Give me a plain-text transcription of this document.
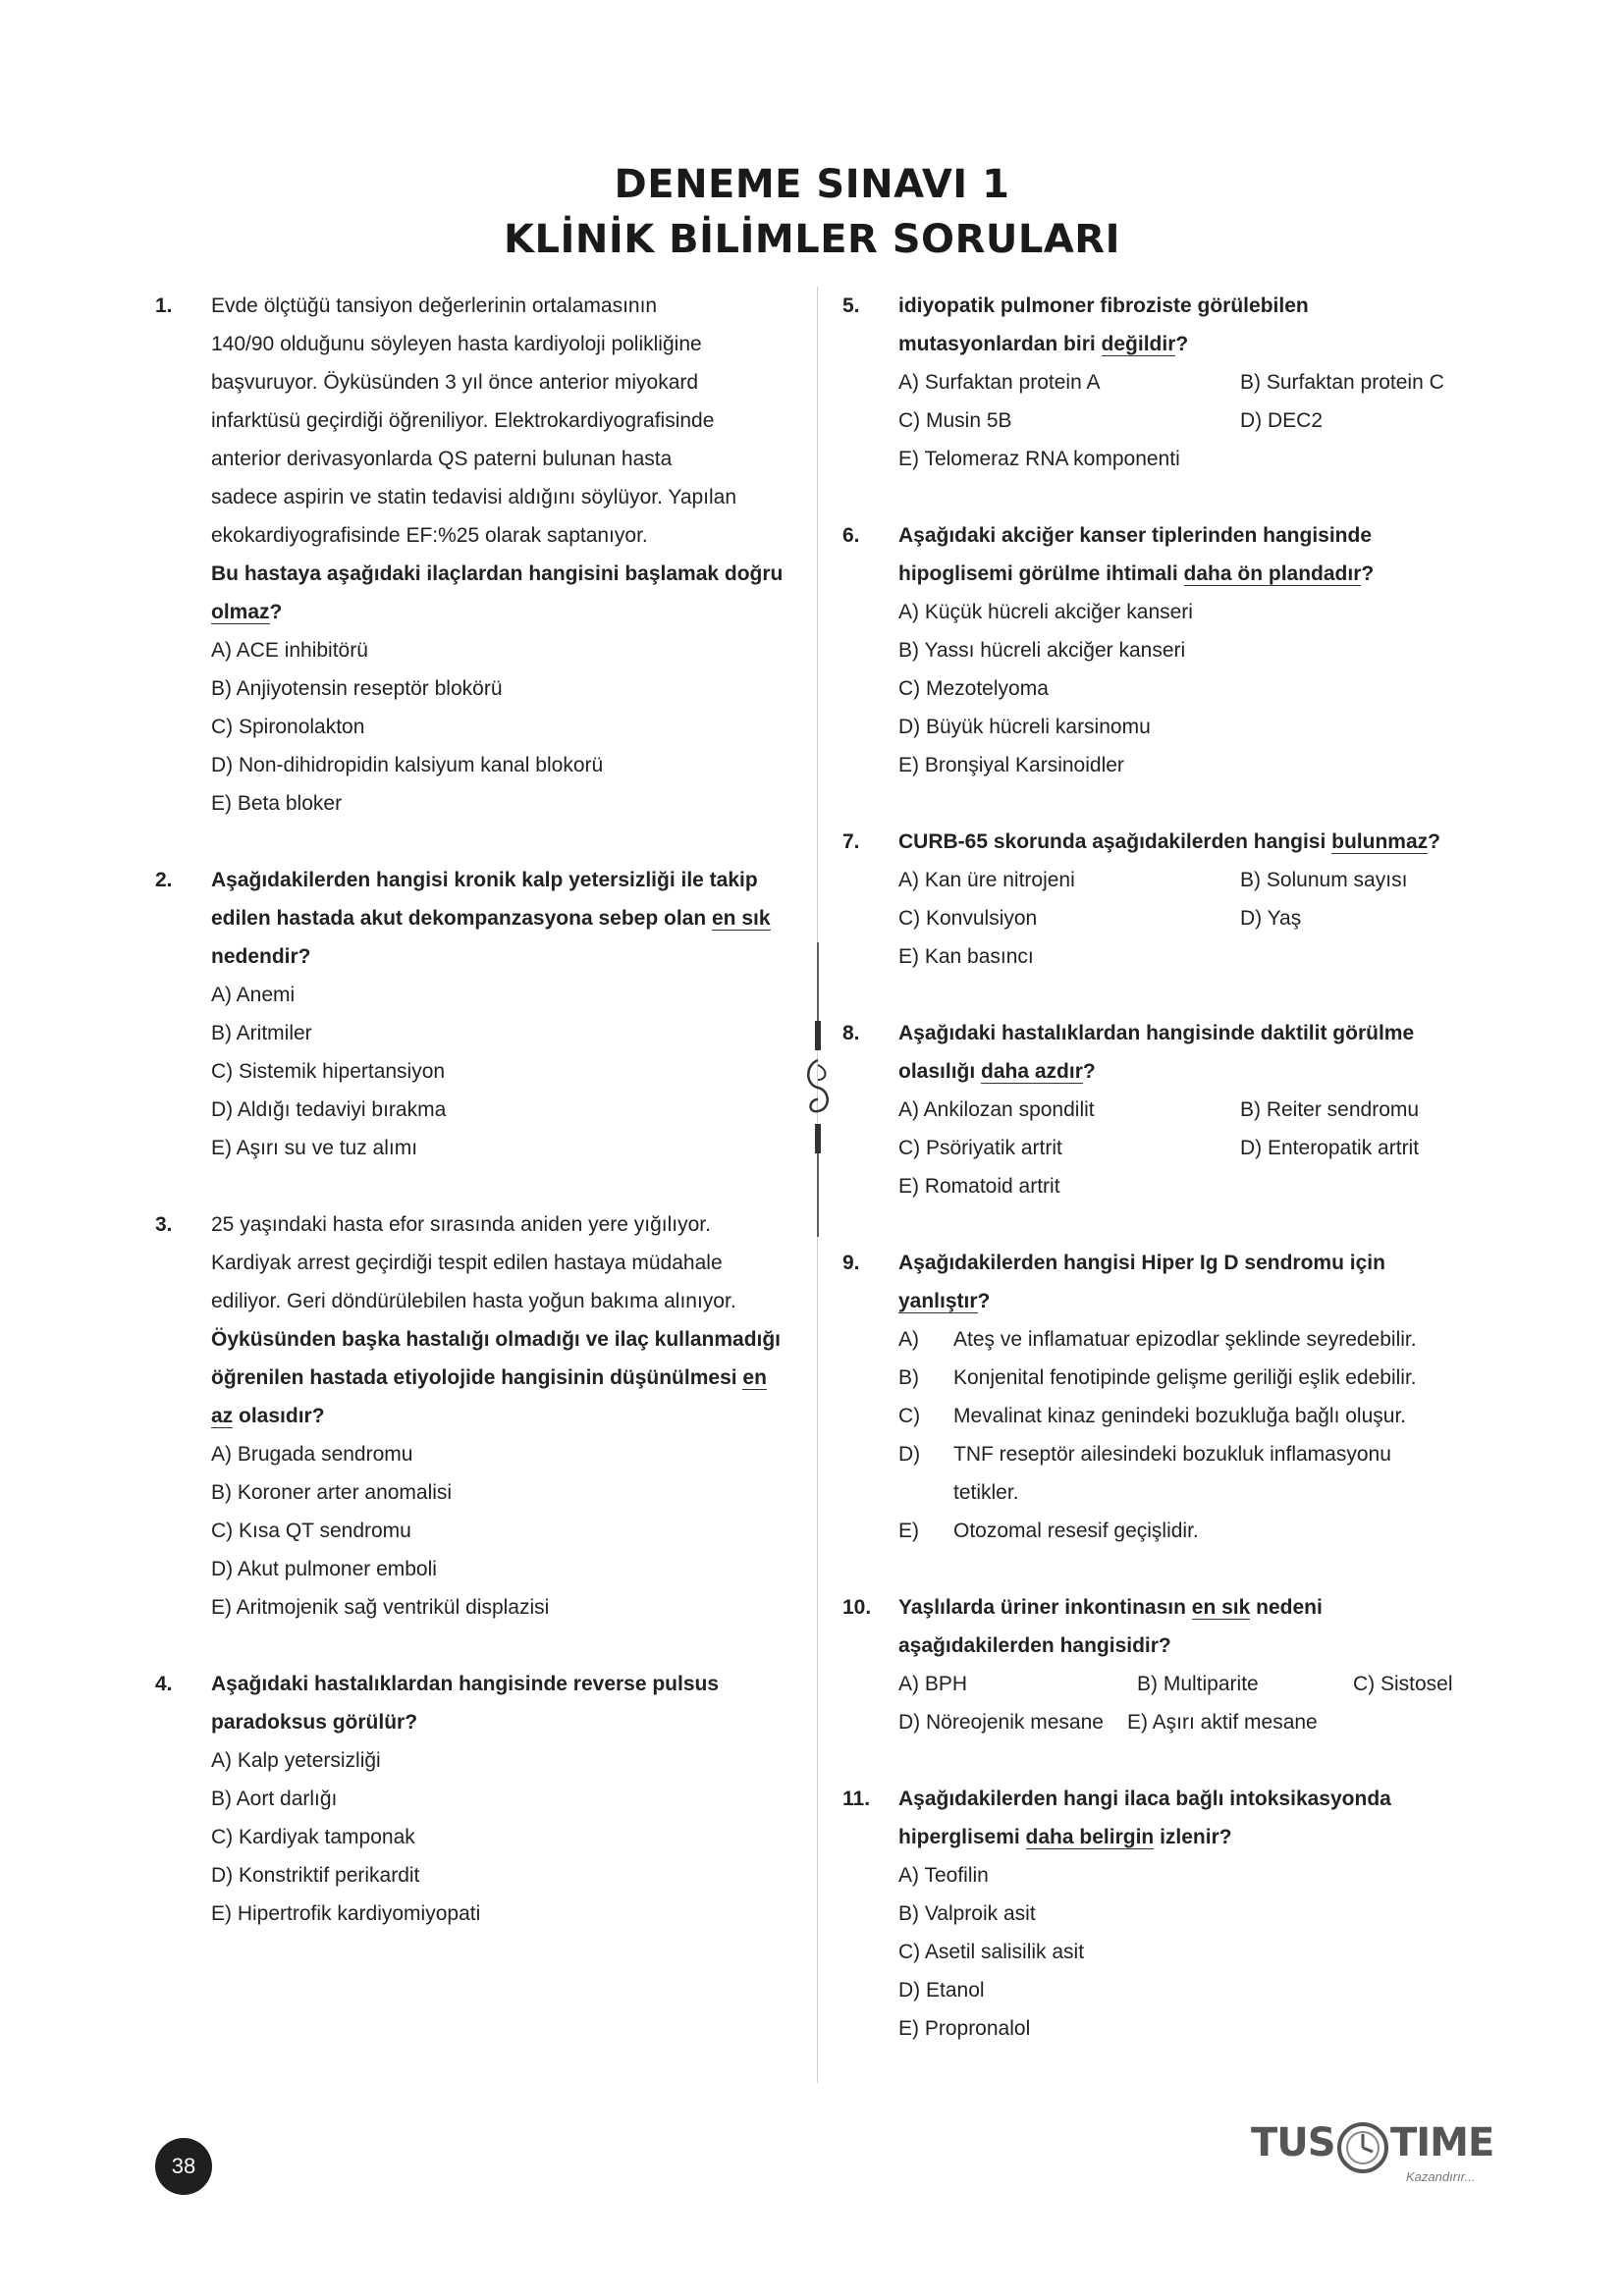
DENEME SINAVI 1
KLİNİK BİLİMLER SORULARI
1. Evde ölçtüğü tansiyon değerlerinin ortalamasının

140/90 olduğunu söyleyen hasta kardiyoloji polikliğine

başvuruyor. Öyküsünden 3 yıl önce anterior miyokard

infarktüsü geçirdiği öğreniliyor. Elektrokardiyografisinde

anterior derivasyonlarda QS paterni bulunan hasta

sadece aspirin ve statin tedavisi aldığını söylüyor. Yapılan

ekokardiyografisinde EF:%25 olarak saptanıyor.

Bu hastaya aşağıdaki ilaçlardan hangisini başlamak doğru

olmaz?

A) ACE inhibitörü

B) Anjiyotensin reseptör blokörü

C) Spironolakton

D) Non-dihidropidin kalsiyum kanal blokorü

E) Beta bloker

2. Aşağıdakilerden hangisi kronik kalp yetersizliği ile takip

edilen hastada akut dekompanzasyona sebep olan en sık

nedendir?

A) Anemi

B) Aritmiler

C) Sistemik hipertansiyon

D) Aldığı tedaviyi bırakma

E) Aşırı su ve tuz alımı

3. 25 yaşındaki hasta efor sırasında aniden yere yığılıyor.

Kardiyak arrest geçirdiği tespit edilen hastaya müdahale

ediliyor. Geri döndürülebilen hasta yoğun bakıma alınıyor.

Öyküsünden başka hastalığı olmadığı ve ilaç kullanmadığı

öğrenilen hastada etiyolojide hangisinin düşünülmesi en

az olasıdır?

A) Brugada sendromu

B) Koroner arter anomalisi

C) Kısa QT sendromu

D) Akut pulmoner emboli

E) Aritmojenik sağ ventrikül displazisi

4. Aşağıdaki hastalıklardan hangisinde reverse pulsus

paradoksus görülür?

A) Kalp yetersizliği

B) Aort darlığı

C) Kardiyak tamponak

D) Konstriktif perikardit

E) Hipertrofik kardiyomiyopati

5. idiyopatik pulmoner fibroziste görülebilen

mutasyonlardan biri değildir?

A) Surfaktan protein A	B) Surfaktan protein C

C) Musin 5B	D) DEC2

E) Telomeraz RNA komponenti

6. Aşağıdaki akciğer kanser tiplerinden hangisinde

hipoglisemi görülme ihtimali daha ön plandadır?

A) Küçük hücreli akciğer kanseri

B) Yassı hücreli akciğer kanseri

C) Mezotelyoma

D) Büyük hücreli karsinomu

E) Bronşiyal Karsinoidler

7. CURB-65 skorunda aşağıdakilerden hangisi bulunmaz?

A) Kan üre nitrojeni	B) Solunum sayısı

C) Konvulsiyon	D) Yaş

E) Kan basıncı

8. Aşağıdaki hastalıklardan hangisinde daktilit görülme

olasılığı daha azdır?

A) Ankilozan spondilit	B) Reiter sendromu

C) Psöriyatik artrit	D) Enteropatik artrit

E) Romatoid artrit

9. Aşağıdakilerden hangisi Hiper Ig D sendromu için

yanlıştır?

A)	Ateş ve inflamatuar epizodlar şeklinde seyredebilir.
B)	Konjenital fenotipinde gelişme geriliği eşlik edebilir.
C)	Mevalinat kinaz genindeki bozukluğa bağlı oluşur.
D)	TNF reseptör ailesindeki bozukluk inflamasyonu
tetikler.
E)	Otozomal resesif geçişlidir.
10. Yaşlılarda üriner inkontinasın en sık nedeni

aşağıdakilerden hangisidir?

A) BPH	B) Multiparite	C) Sistosel

D) Nöreojenik mesane	E) Aşırı aktif mesane

11. Aşağıdakilerden hangi ilaca bağlı intoksikasyonda

hiperglisemi daha belirgin izlenir?

A) Teofilin

B) Valproik asit

C) Asetil salisilik asit

D) Etanol

E) Propronalol

38
TUS TIME
Kazandırır...
